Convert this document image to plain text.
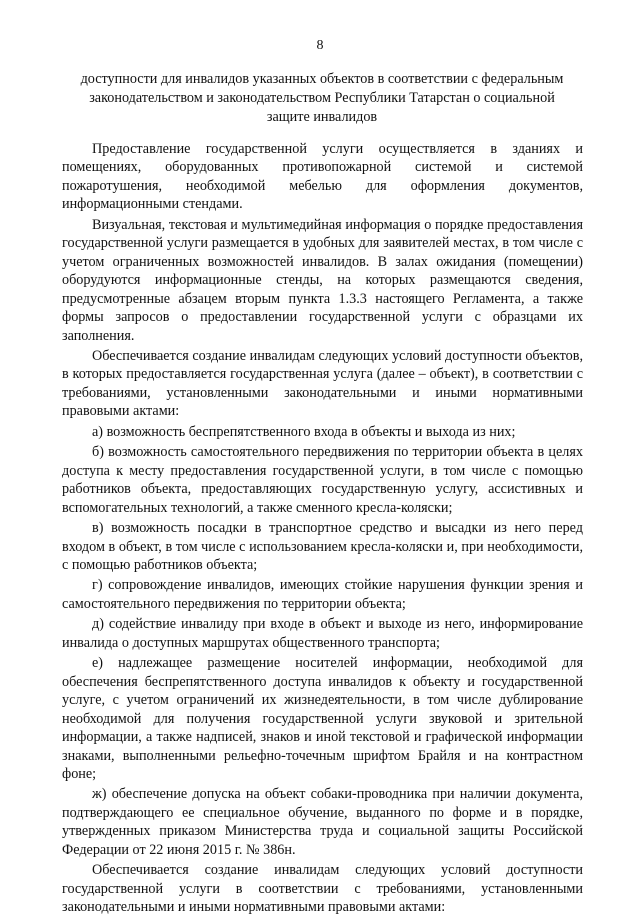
8
доступности для инвалидов указанных объектов в соответствии с федеральным
законодательством и законодательством Республики Татарстан о социальной
защите инвалидов

Предоставление государственной услуги осуществляется в зданиях и помещениях, оборудованных противопожарной системой и системой пожаротушения, необходимой мебелью для оформления документов, информационными стендами.

Визуальная, текстовая и мультимедийная информация о порядке предоставления государственной услуги размещается в удобных для заявителей местах, в том числе с учетом ограниченных возможностей инвалидов. В залах ожидания (помещении) оборудуются информационные стенды, на которых размещаются сведения, предусмотренные абзацем вторым пункта 1.3.3 настоящего Регламента, а также формы запросов о предоставлении государственной услуги с образцами их заполнения.

Обеспечивается создание инвалидам следующих условий доступности объектов, в которых предоставляется государственная услуга (далее – объект), в соответствии с требованиями, установленными законодательными и иными нормативными правовыми актами:

а) возможность беспрепятственного входа в объекты и выхода из них;

б) возможность самостоятельного передвижения по территории объекта в целях доступа к месту предоставления государственной услуги, в том числе с помощью работников объекта, предоставляющих государственную услугу, ассистивных и вспомогательных технологий, а также сменного кресла-коляски;

в) возможность посадки в транспортное средство и высадки из него перед входом в объект, в том числе с использованием кресла-коляски и, при необходимости, с помощью работников объекта;

г) сопровождение инвалидов, имеющих стойкие нарушения функции зрения и самостоятельного передвижения по территории объекта;

д) содействие инвалиду при входе в объект и выходе из него, информирование инвалида о доступных маршрутах общественного транспорта;

е) надлежащее размещение носителей информации, необходимой для обеспечения беспрепятственного доступа инвалидов к объекту и государственной услуге, с учетом ограничений их жизнедеятельности, в том числе дублирование необходимой для получения государственной услуги звуковой и зрительной информации, а также надписей, знаков и иной текстовой и графической информации знаками, выполненными рельефно-точечным шрифтом Брайля и на контрастном фоне;

ж) обеспечение допуска на объект собаки-проводника при наличии документа, подтверждающего ее специальное обучение, выданного по форме и в порядке, утвержденных приказом Министерства труда и социальной защиты Российской Федерации от 22 июня 2015 г. № 386н.

Обеспечивается создание инвалидам следующих условий доступности государственной услуги в соответствии с требованиями, установленными законодательными и иными нормативными правовыми актами:
